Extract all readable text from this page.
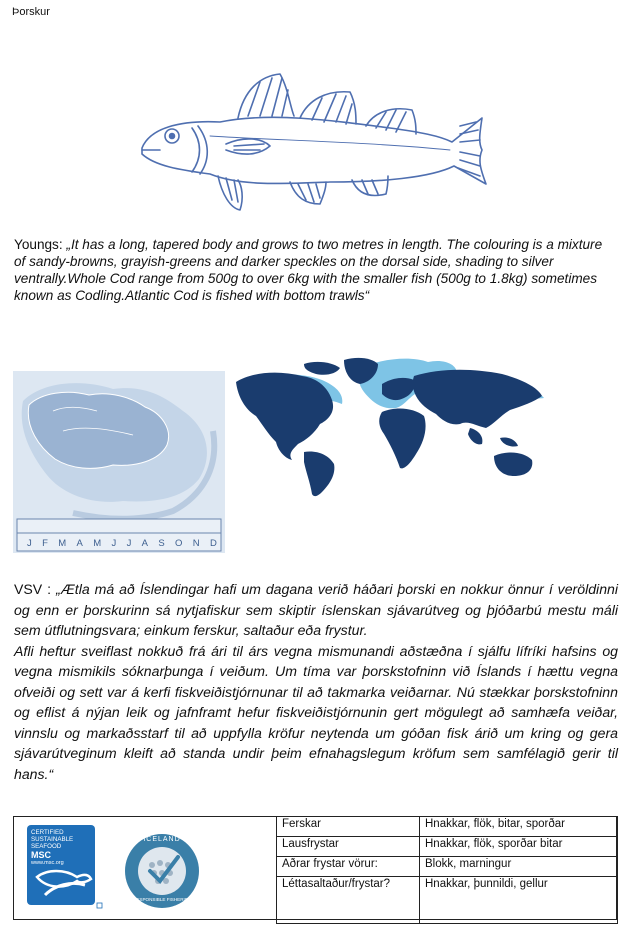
Þorskur
Youngs: „It has a long, tapered body and grows to two metres in length. The colouring is a mixture of sandy-browns, grayish-greens and darker speckles on the dorsal side, shading to silver ventrally.Whole Cod range from 500g to over 6kg with the smaller fish (500g to 1.8kg) sometimes known as Codling.Atlantic Cod is fished with bottom trawls“
J F M A M J J A S O N D
VSV : „Ætla má að Íslendingar hafi um dagana verið háðari þorski en nokkur önnur í veröldinni og enn er þorskurinn sá nytjafiskur sem skiptir íslenskan sjávarútveg og þjóðarbú mestu máli sem útflutningsvara; einkum ferskur, saltaður eða frystur.
Afli heftur sveiflast nokkuð frá ári til árs vegna mismunandi aðstæðna í sjálfu lífríki hafsins og vegna mismikils sóknarþunga í veiðum. Um tíma var þorskstofninn við Íslands í hættu vegna ofveiði og sett var á kerfi fiskveiðistjórnunar til að takmarka veiðarnar. Nú stækkar þorskstofninn og eflist á nýjan leik og jafnframt hefur fiskveiðistjórnunin gert mögulegt að samhæfa veiðar, vinnslu og markaðsstarf til að uppfylla kröfur neytenda um góðan fisk árið um kring og gera sjávarútveginum kleift að standa undir þeim efnahagslegum kröfum sem samfélagið gerir til hans.“
CERTIFIED
SUSTAINABLE
SEAFOOD
MSC
www.msc.org
ICELAND
RESPONSIBLE FISHERIES
Ferskar	Hnakkar, flök, bitar, sporðar
Lausfrystar	Hnakkar, flök, sporðar bitar
Aðrar frystar vörur:	Blokk, marningur
Léttasaltaður/frystar?	Hnakkar, þunnildi, gellur
